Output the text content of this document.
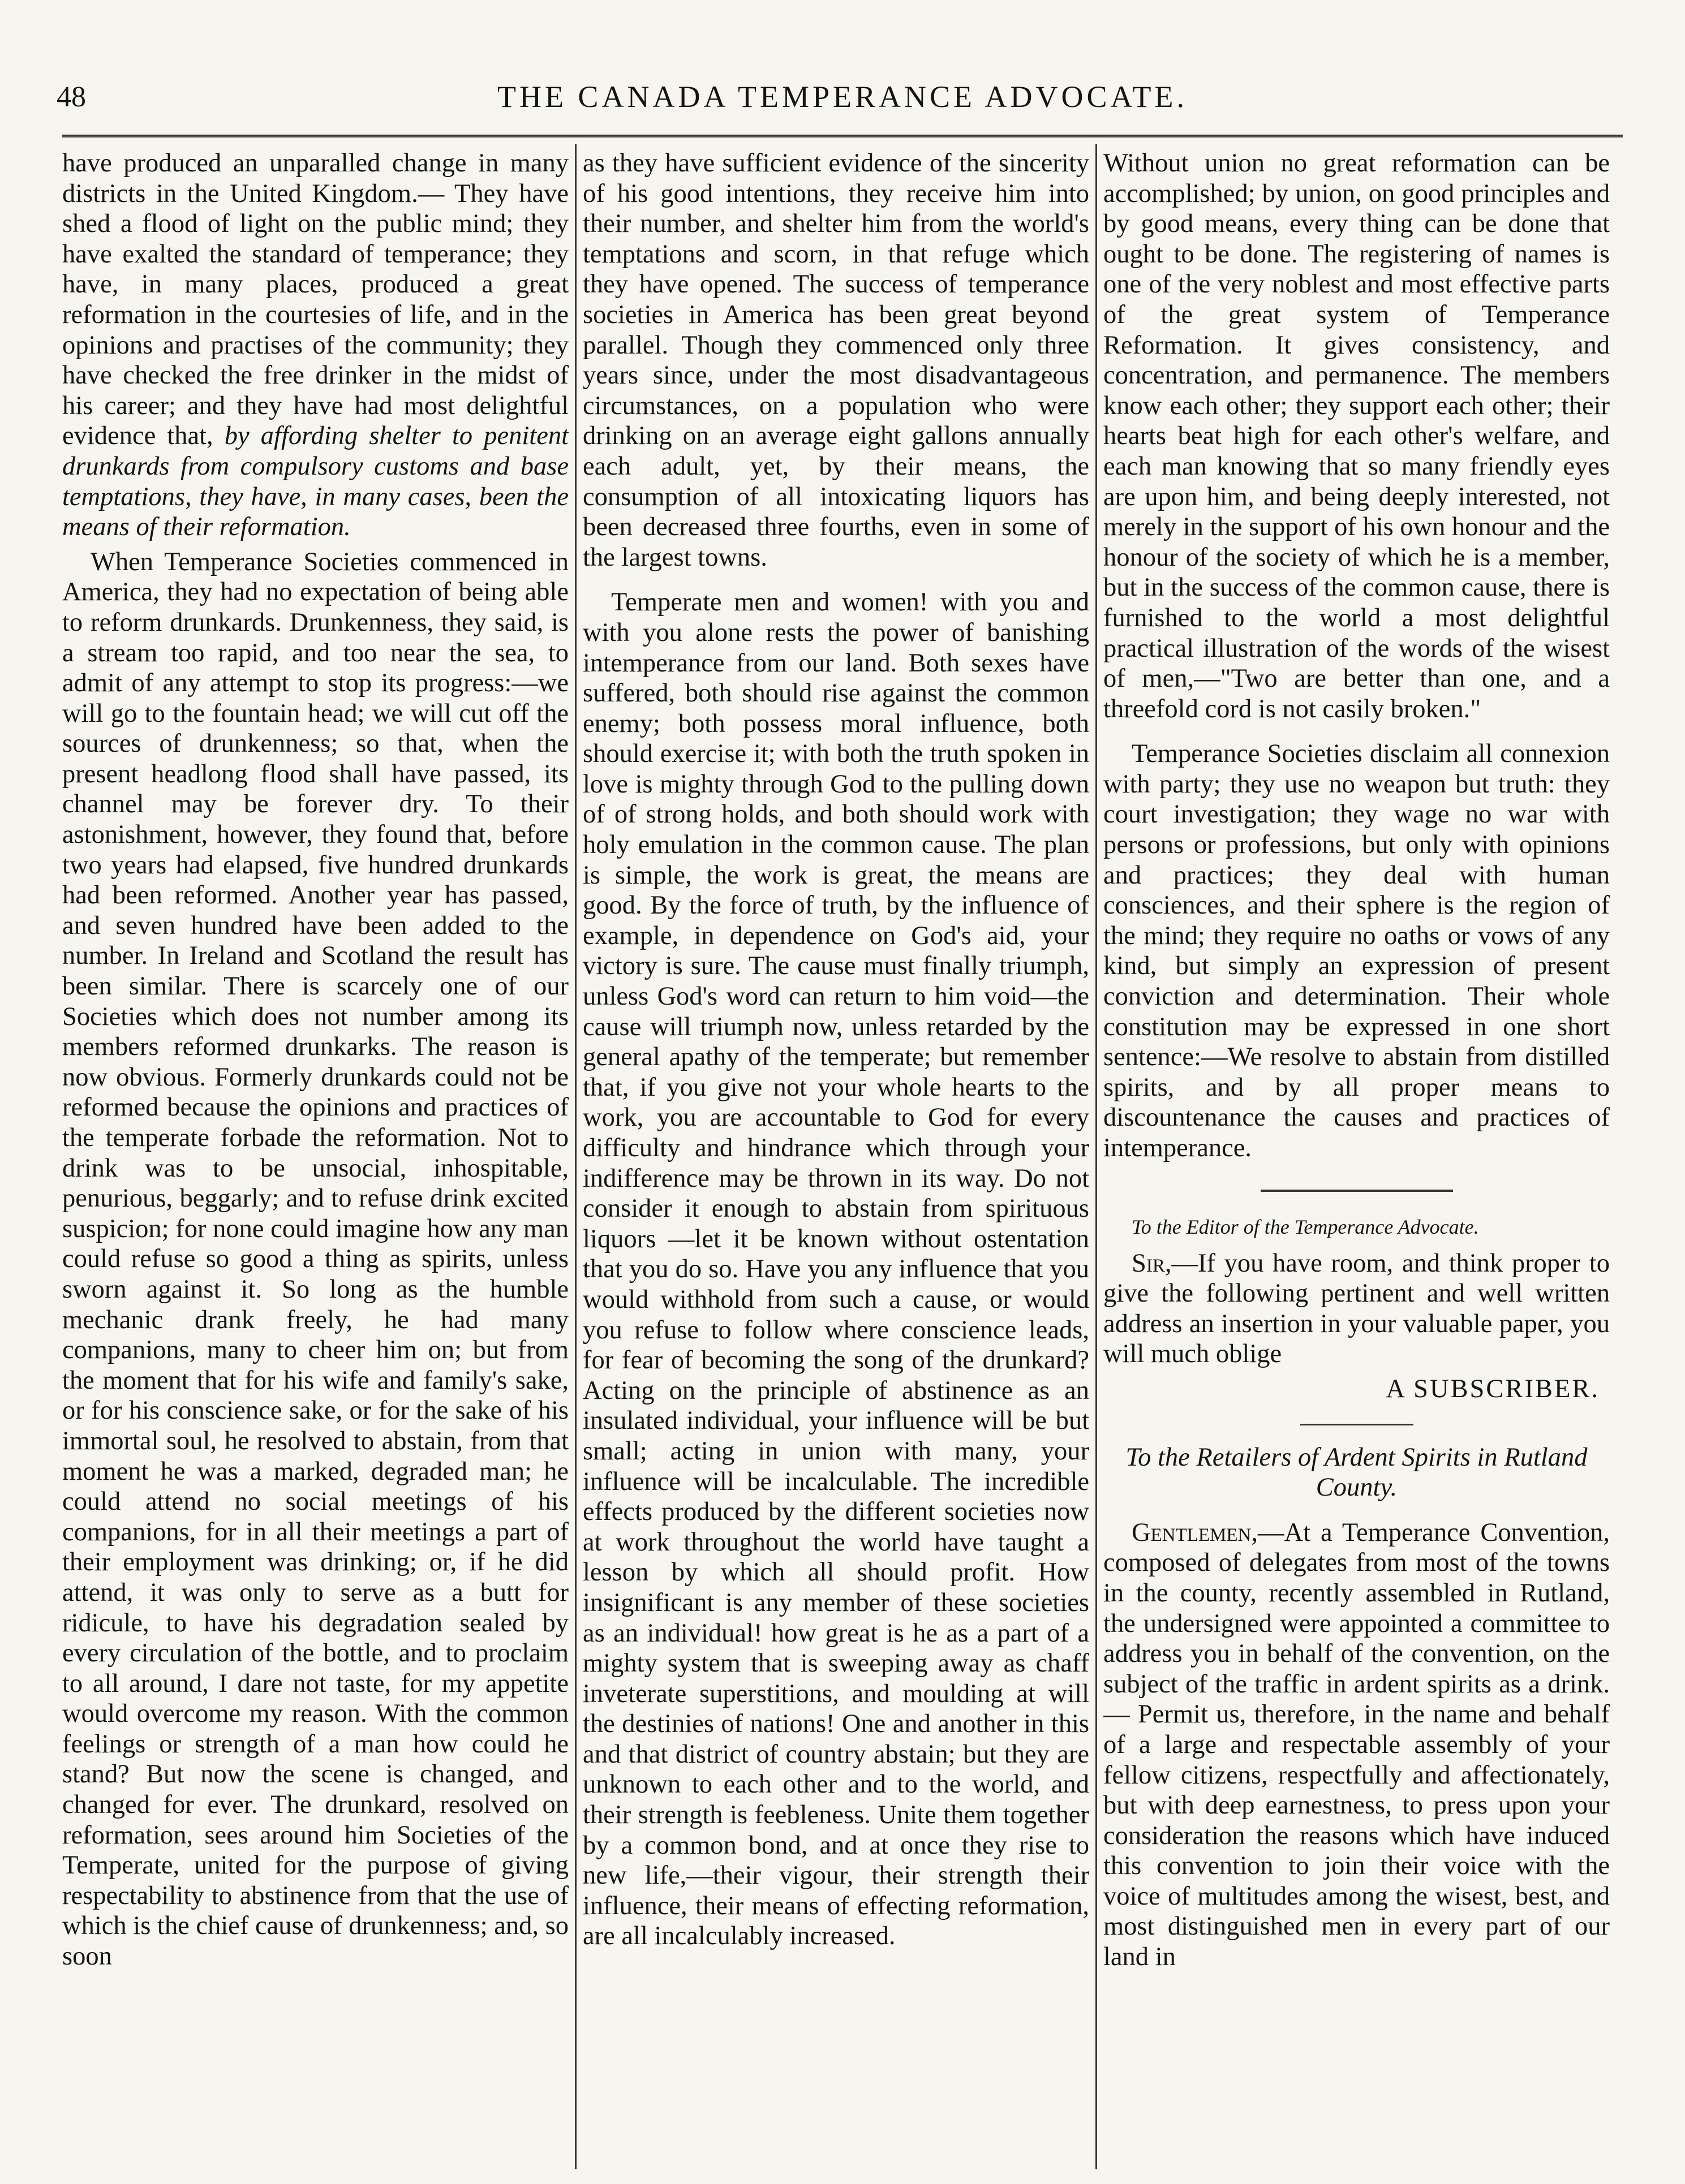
48	THE CANADA TEMPERANCE ADVOCATE.

have produced an unparalled change in many districts in the United Kingdom.— They have shed a flood of light on the public mind; they have exalted the standard of temperance; they have, in many places, produced a great reformation in the courtesies of life, and in the opinions and practises of the community; they have checked the free drinker in the midst of his career; and they have had most delightful evidence that, by affording shelter to penitent drunkards from compulsory customs and base temptations, they have, in many cases, been the means of their reformation.

When Temperance Societies commenced in America, they had no expectation of being able to reform drunkards. Drunkenness, they said, is a stream too rapid, and too near the sea, to admit of any attempt to stop its progress:—we will go to the fountain head; we will cut off the sources of drunkenness; so that, when the present headlong flood shall have passed, its channel may be forever dry. To their astonishment, however, they found that, before two years had elapsed, five hundred drunkards had been reformed. Another year has passed, and seven hundred have been added to the number. In Ireland and Scotland the result has been similar. There is scarcely one of our Societies which does not number among its members reformed drunkarks. The reason is now obvious. Formerly drunkards could not be reformed because the opinions and practices of the temperate forbade the reformation. Not to drink was to be unsocial, inhospitable, penurious, beggarly; and to refuse drink excited suspicion; for none could imagine how any man could refuse so good a thing as spirits, unless sworn against it. So long as the humble mechanic drank freely, he had many companions, many to cheer him on; but from the moment that for his wife and family's sake, or for his conscience sake, or for the sake of his immortal soul, he resolved to abstain, from that moment he was a marked, degraded man; he could attend no social meetings of his companions, for in all their meetings a part of their employment was drinking; or, if he did attend, it was only to serve as a butt for ridicule, to have his degradation sealed by every circulation of the bottle, and to proclaim to all around, I dare not taste, for my appetite would overcome my reason. With the common feelings or strength of a man how could he stand? But now the scene is changed, and changed for ever. The drunkard, resolved on reformation, sees around him Societies of the Temperate, united for the purpose of giving respectability to abstinence from that the use of which is the chief cause of drunkenness; and, so soon

as they have sufficient evidence of the sincerity of his good intentions, they receive him into their number, and shelter him from the world's temptations and scorn, in that refuge which they have opened. The success of temperance societies in America has been great beyond parallel. Though they commenced only three years since, under the most disadvantageous circumstances, on a population who were drinking on an average eight gallons annually each adult, yet, by their means, the consumption of all intoxicating liquors has been decreased three fourths, even in some of the largest towns.

Temperate men and women! with you and with you alone rests the power of banishing intemperance from our land. Both sexes have suffered, both should rise against the common enemy; both possess moral influence, both should exercise it; with both the truth spoken in love is mighty through God to the pulling down of of strong holds, and both should work with holy emulation in the common cause. The plan is simple, the work is great, the means are good. By the force of truth, by the influence of example, in dependence on God's aid, your victory is sure. The cause must finally triumph, unless God's word can return to him void—the cause will triumph now, unless retarded by the general apathy of the temperate; but remember that, if you give not your whole hearts to the work, you are accountable to God for every difficulty and hindrance which through your indifference may be thrown in its way. Do not consider it enough to abstain from spirituous liquors —let it be known without ostentation that you do so. Have you any influence that you would withhold from such a cause, or would you refuse to follow where conscience leads, for fear of becoming the song of the drunkard? Acting on the principle of abstinence as an insulated individual, your influence will be but small; acting in union with many, your influence will be incalculable. The incredible effects produced by the different societies now at work throughout the world have taught a lesson by which all should profit. How insignificant is any member of these societies as an individual! how great is he as a part of a mighty system that is sweeping away as chaff inveterate superstitions, and moulding at will the destinies of nations! One and another in this and that district of country abstain; but they are unknown to each other and to the world, and their strength is feebleness. Unite them together by a common bond, and at once they rise to new life,—their vigour, their strength their influence, their means of effecting reformation, are all incalculably increased.

Without union no great reformation can be accomplished; by union, on good principles and by good means, every thing can be done that ought to be done. The registering of names is one of the very noblest and most effective parts of the great system of Temperance Reformation. It gives consistency, and concentration, and permanence. The members know each other; they support each other; their hearts beat high for each other's welfare, and each man knowing that so many friendly eyes are upon him, and being deeply interested, not merely in the support of his own honour and the honour of the society of which he is a member, but in the success of the common cause, there is furnished to the world a most delightful practical illustration of the words of the wisest of men,—"Two are better than one, and a threefold cord is not casily broken."

Temperance Societies disclaim all connexion with party; they use no weapon but truth: they court investigation; they wage no war with persons or professions, but only with opinions and practices; they deal with human consciences, and their sphere is the region of the mind; they require no oaths or vows of any kind, but simply an expression of present conviction and determination. Their whole constitution may be expressed in one short sentence:—We resolve to abstain from distilled spirits, and by all proper means to discountenance the causes and practices of intemperance.

To the Editor of the Temperance Advocate.

Sir,—If you have room, and think proper to give the following pertinent and well written address an insertion in your valuable paper, you will much oblige

A SUBSCRIBER.

To the Retailers of Ardent Spirits in Rutland County.

Gentlemen,—At a Temperance Convention, composed of delegates from most of the towns in the county, recently assembled in Rutland, the undersigned were appointed a committee to address you in behalf of the convention, on the subject of the traffic in ardent spirits as a drink.— Permit us, therefore, in the name and behalf of a large and respectable assembly of your fellow citizens, respectfully and affectionately, but with deep earnestness, to press upon your consideration the reasons which have induced this convention to join their voice with the voice of multitudes among the wisest, best, and most distinguished men in every part of our land in
